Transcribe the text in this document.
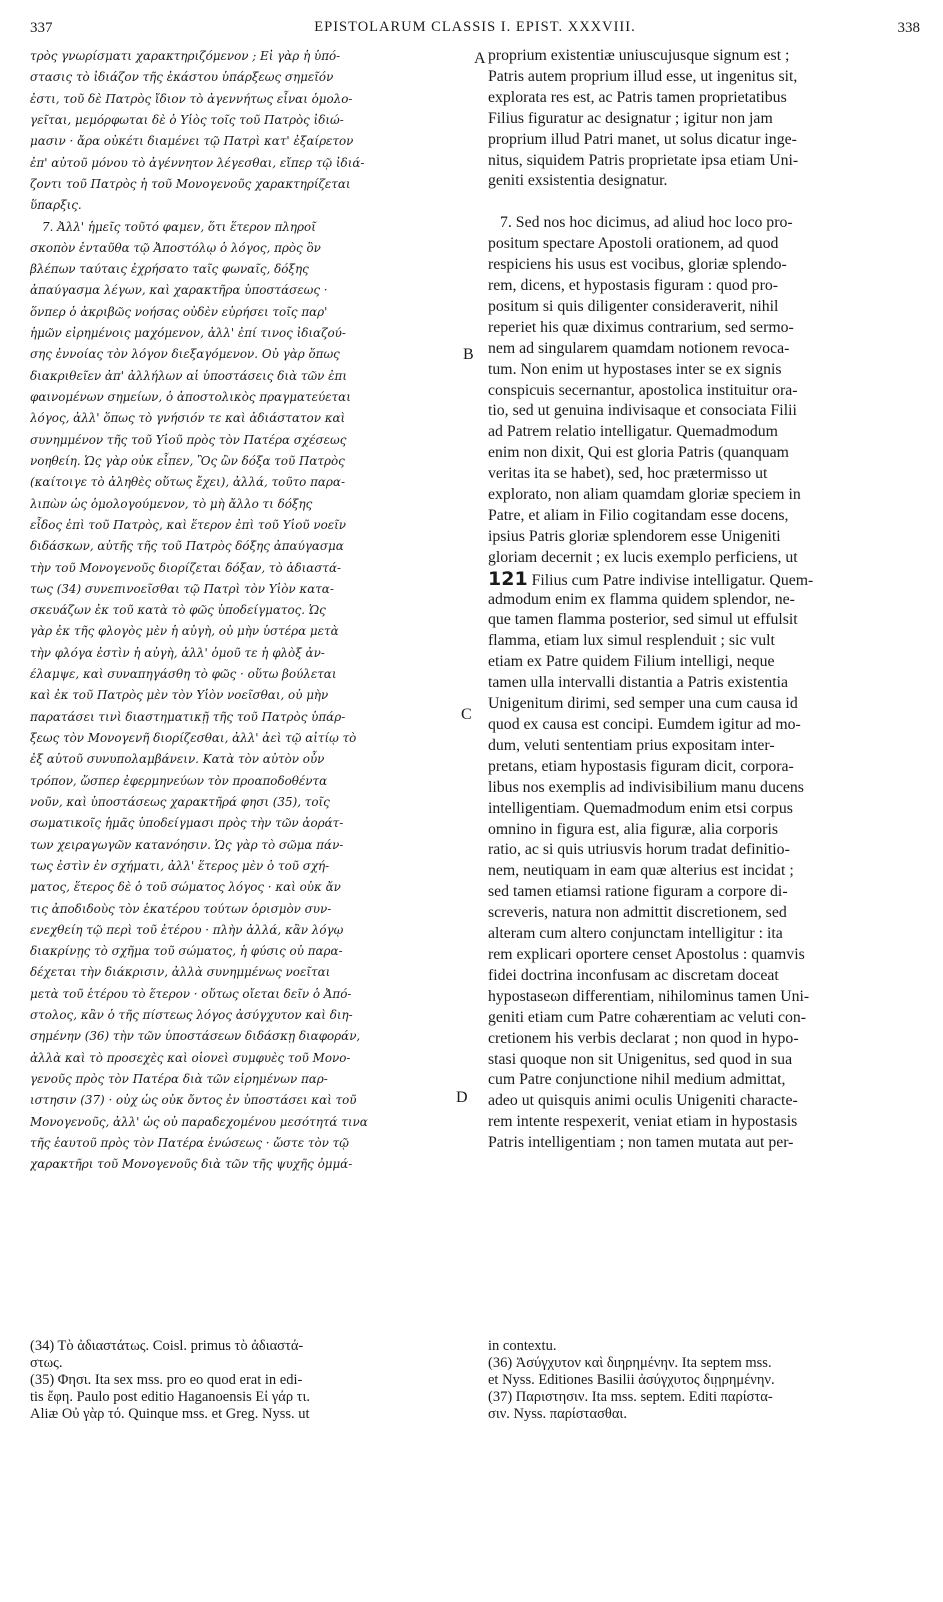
337	EPISTOLARUM CLASSIS I. EPIST. XXXVIII.	338
τρὸς γνωρίσματι χαρακτηριζόμενον ; Εἰ γὰρ ἡ ὑπό-
στασις τὸ ἰδιάζον τῆς ἑκάστου ὑπάρξεως σημεῖόν
ἐστι, τοῦ δὲ Πατρὸς ἴδιον τὸ ἀγεννήτως εἶναι ὁμολο-
γεῖται, μεμόρφωται δὲ ὁ Υἱὸς τοῖς τοῦ Πατρὸς ἰδιώ-
μασιν · ἄρα οὐκέτι διαμένει τῷ Πατρὶ κατ' ἐξαίρετον
ἐπ' αὐτοῦ μόνου τὸ ἀγέννητον λέγεσθαι, εἴπερ τῷ ἰδιά-
ζοντι τοῦ Πατρὸς ἡ τοῦ Μονογενοῦς χαρακτηρίζεται
ὕπαρξις.
7. Ἀλλ' ἡμεῖς τοῦτό φαμεν, ὅτι ἕτερον πληροῖ
σκοπὸν ἐνταῦθα τῷ Ἀποστόλῳ ὁ λόγος, πρὸς ὃν
βλέπων ταύταις ἐχρήσατο ταῖς φωναῖς, δόξης
ἀπαύγασμα λέγων, καὶ χαρακτῆρα ὑποστάσεως ·
ὅνπερ ὁ ἀκριβῶς νοήσας οὐδὲν εὑρήσει τοῖς παρ'
ἡμῶν εἰρημένοις μαχόμενον, ἀλλ' ἐπί τινος ἰδιαζού-
σης ἐννοίας τὸν λόγον διεξαγόμενον. Οὐ γὰρ ὅπως
διακριθεῖεν ἀπ' ἀλλήλων αἱ ὑποστάσεις διὰ τῶν ἐπι
φαινομένων σημείων, ὁ ἀποστολικὸς πραγματεύεται
λόγος, ἀλλ' ὅπως τὸ γνήσιόν τε καὶ ἀδιάστατον καὶ
συνημμένον τῆς τοῦ Υἱοῦ πρὸς τὸν Πατέρα σχέσεως
νοηθείη. Ὡς γὰρ οὐκ εἶπεν, Ὃς ὢν δόξα τοῦ Πατρὸς
(καίτοιγε τὸ ἀληθὲς οὕτως ἔχει), ἀλλά, τοῦτο παρα-
λιπὼν ὡς ὁμολογούμενον, τὸ μὴ ἄλλο τι δόξης
εἶδος ἐπὶ τοῦ Πατρὸς, καὶ ἕτερον ἐπὶ τοῦ Υἱοῦ νοεῖν
διδάσκων, αὐτῆς τῆς τοῦ Πατρὸς δόξης ἀπαύγασμα
τὴν τοῦ Μονογενοῦς διορίζεται δόξαν, τὸ ἀδιαστά-
τως (34) συνεπινοεῖσθαι τῷ Πατρὶ τὸν Υἱὸν κατα-
σκευάζων ἐκ τοῦ κατὰ τὸ φῶς ὑποδείγματος. Ὡς
γὰρ ἐκ τῆς φλογὸς μὲν ἡ αὐγὴ, οὐ μὴν ὑστέρα μετὰ
τὴν φλόγα ἐστὶν ἡ αὐγὴ, ἀλλ' ὁμοῦ τε ἡ φλὸξ ἀν-
έλαμψε, καὶ συναπηγάσθη τὸ φῶς · οὕτω βούλεται
καὶ ἐκ τοῦ Πατρὸς μὲν τὸν Υἱὸν νοεῖσθαι, οὐ μὴν
παρατάσει τινὶ διαστηματικῇ τῆς τοῦ Πατρὸς ὑπάρ-
ξεως τὸν Μονογενῆ διορίζεσθαι, ἀλλ' ἀεὶ τῷ αἰτίῳ τὸ
ἐξ αὐτοῦ συνυπολαμβάνειν. Κατὰ τὸν αὐτὸν οὖν
τρόπον, ὥσπερ ἐφερμηνεύων τὸν προαποδοθέντα
νοῦν, καὶ ὑποστάσεως χαρακτῆρά φησι (35), τοῖς
σωματικοῖς ἡμᾶς ὑποδείγμασι πρὸς τὴν τῶν ἀοράτ-
των χειραγωγῶν κατανόησιν. Ὡς γὰρ τὸ σῶμα πάν-
τως ἐστὶν ἐν σχήματι, ἀλλ' ἕτερος μὲν ὁ τοῦ σχή-
ματος, ἕτερος δὲ ὁ τοῦ σώματος λόγος · καὶ οὐκ ἄν
τις ἀποδιδοὺς τὸν ἑκατέρου τούτων ὁρισμὸν συν-
ενεχθείη τῷ περὶ τοῦ ἑτέρου · πλὴν ἀλλά, κἂν λόγῳ
διακρίνῃς τὸ σχῆμα τοῦ σώματος, ἡ φύσις οὐ παρα-
δέχεται τὴν διάκρισιν, ἀλλὰ συνημμένως νοεῖται
μετὰ τοῦ ἑτέρου τὸ ἕτερον · οὕτως οἴεται δεῖν ὁ Ἀπό-
στολος, κἂν ὁ τῆς πίστεως λόγος ἀσύγχυτον καὶ διη-
σημένην (36) τὴν τῶν ὑποστάσεων διδάσκῃ διαφοράν,
ἀλλὰ καὶ τὸ προσεχὲς καὶ οἱονεὶ συμφυὲς τοῦ Μονο-
γενοῦς πρὸς τὸν Πατέρα διὰ τῶν εἰρημένων παρ-
ιστησιν (37) · οὐχ ὡς οὐκ ὄντος ἐν ὑποστάσει καὶ τοῦ
Μονογενοῦς, ἀλλ' ὡς οὐ παραδεχομένου μεσότητά τινα
τῆς ἑαυτοῦ πρὸς τὸν Πατέρα ἑνώσεως · ὥστε τὸν τῷ
χαρακτῆρι τοῦ Μονογενοῦς διὰ τῶν τῆς ψυχῆς ὀμμά-
proprium existentiæ uniuscujusque signum est ;
Patris autem proprium illud esse, ut ingenitus sit,
explorata res est, ac Patris tamen proprietatibus
Filius figuratur ac designatur ; igitur non jam
proprium illud Patri manet, ut solus dicatur inge-
nitus, siquidem Patris proprietate ipsa etiam Uni-
geniti exsistentia designatur.
7. Sed nos hoc dicimus, ad aliud hoc loco pro-
positum spectare Apostoli orationem, ad quod
respiciens his usus est vocibus, gloriæ splendo-
rem, dicens, et hypostasis figuram : quod pro-
positum si quis diligenter consideraverit, nihil
reperiet his quæ diximus contrarium, sed sermo-
nem ad singularem quamdam notionem revoca-
tum. Non enim ut hypostases inter se ex signis
conspicuis secernantur, apostolica instituitur ora-
tio, sed ut genuina indivisaque et consociata Filii
ad Patrem relatio intelligatur. Quemadmodum
enim non dixit, Qui est gloria Patris (quanquam
veritas ita se habet), sed, hoc prætermisso ut
explorato, non aliam quamdam gloriæ speciem in
Patre, et aliam in Filio cogitandam esse docens,
ipsius Patris gloriæ splendorem esse Unigeniti
gloriam decernit ; ex lucis exemplo perficiens, ut
121 Filius cum Patre indivise intelligatur. Quem-
admodum enim ex flamma quidem splendor, ne-
que tamen flamma posterior, sed simul ut effulsit
flamma, etiam lux simul resplenduit ; sic vult
etiam ex Patre quidem Filium intelligi, neque
tamen ulla intervalli distantia a Patris existentia
Unigenitum dirimi, sed semper una cum causa id
quod ex causa est concipi. Eumdem igitur ad mo-
dum, veluti sententiam prius expositam inter-
pretans, etiam hypostasis figuram dicit, corpora-
libus nos exemplis ad indivisibilium manu ducens
intelligentiam. Quemadmodum enim etsi corpus
omnino in figura est, alia figuræ, alia corporis
ratio, ac si quis utriusvis horum tradat definitio-
nem, neutiquam in eam quæ alterius est incidat ;
sed tamen etiamsi ratione figuram a corpore di-
screveris, natura non admittit discretionem, sed
alteram cum altero conjunctam intelligitur : ita
rem explicari oportere censet Apostolus : quamvis
fidei doctrina inconfusam ac discretam doceat
hypostaseωn differentiam, nihilominus tamen Uni-
geniti etiam cum Patre cohærentiam ac veluti con-
cretionem his verbis declarat ; non quod in hypo-
stasi quoque non sit Unigenitus, sed quod in sua
cum Patre conjunctione nihil medium admittat,
adeo ut quisquis animi oculis Unigeniti characte-
rem intente respexerit, veniat etiam in hypostasis
Patris intelligentiam ; non tamen mutata aut per-
A
B
C
D
(34) Τὸ ἀδιαστάτως. Coisl. primus τὸ ἀδιαστά-
στως.
(35) Φησι. Ita sex mss. pro eo quod erat in edi-
tis ἔφη. Paulo post editio Haganoensis Εἰ γάρ τι.
Aliæ Οὐ γὰρ τό. Quinque mss. et Greg. Nyss. ut
in contextu.
(36) Ἀσύγχυτον καὶ διηρημένην. Ita septem mss.
et Nyss. Editiones Basilii ἀσύγχυτος διῃρημένην.
(37) Παριστησιν. Ita mss. septem. Editi παρίστα-
σιν. Nyss. παρίστασθαι.
